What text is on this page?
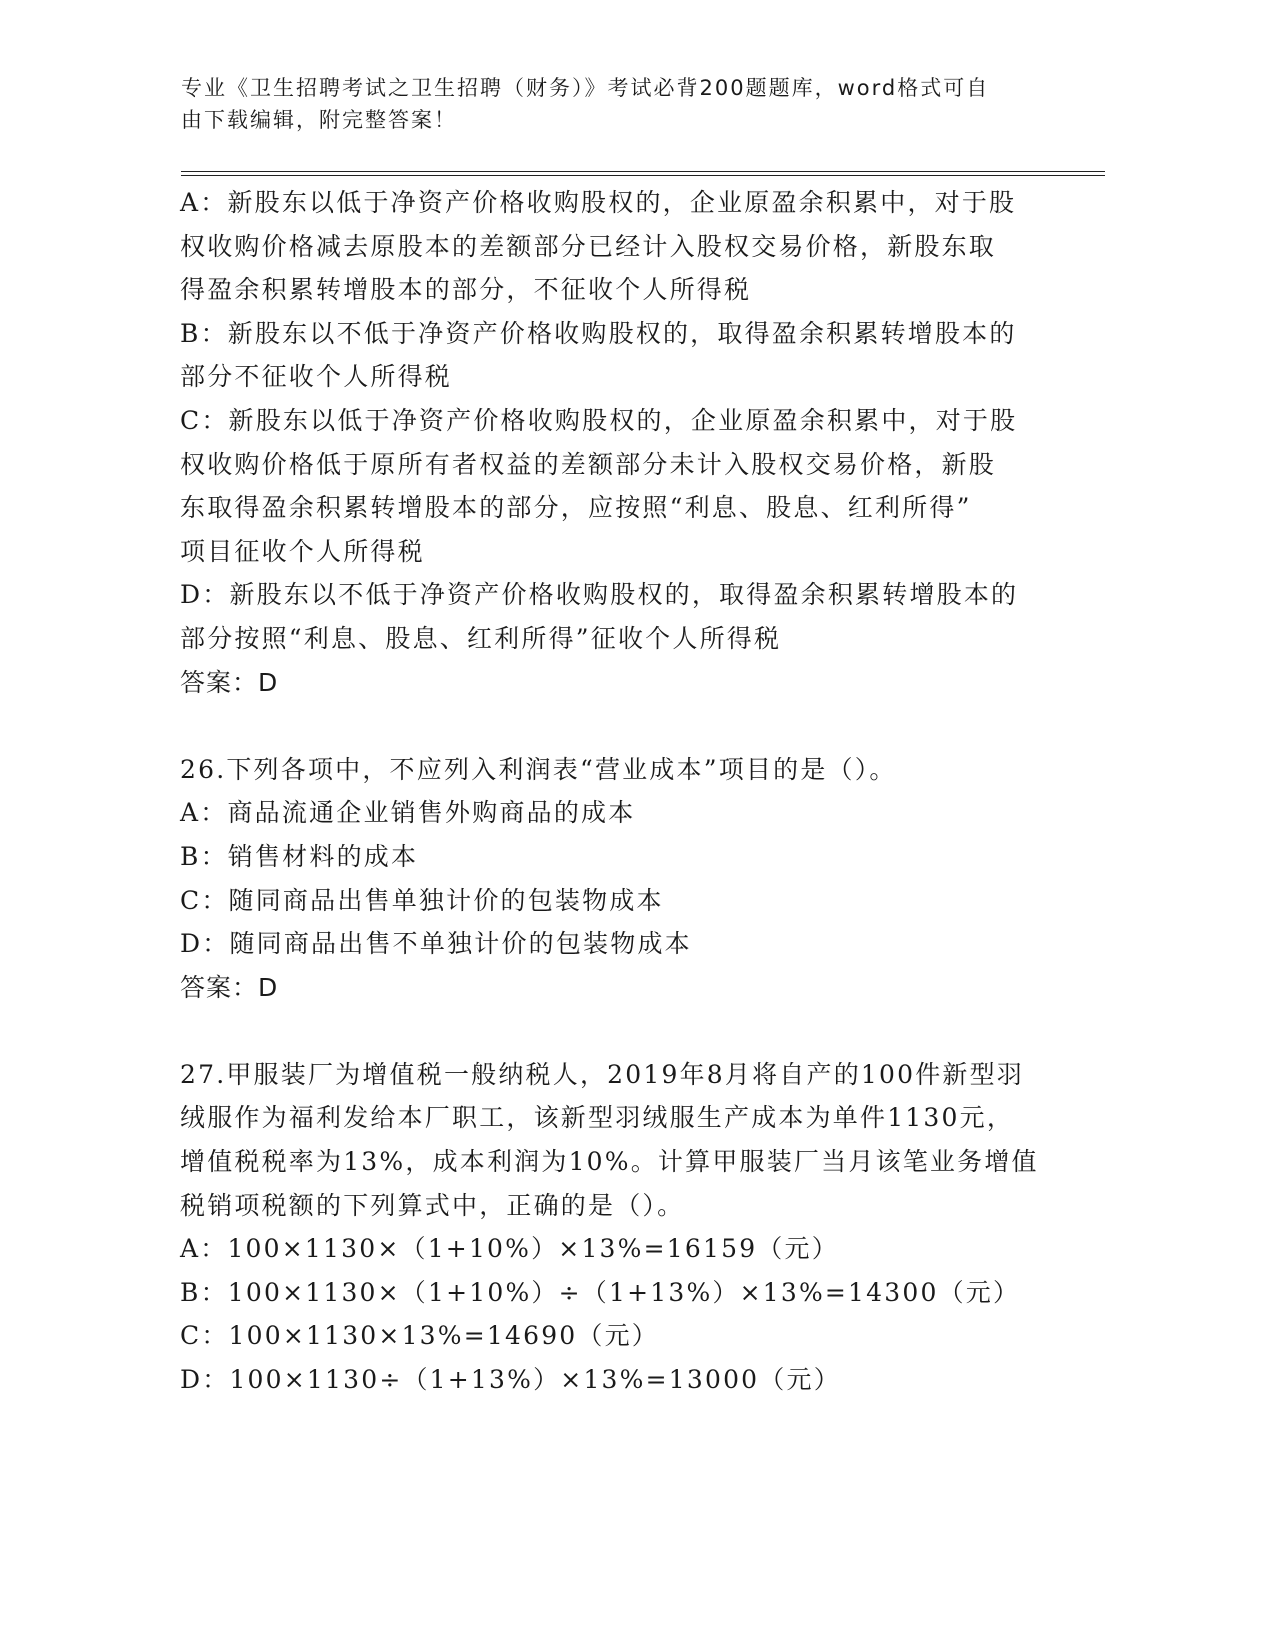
专业《卫生招聘考试之卫生招聘（财务）》考试必背200题题库，word格式可自
由下载编辑，附完整答案！
A：新股东以低于净资产价格收购股权的，企业原盈余积累中，对于股
权收购价格减去原股本的差额部分已经计入股权交易价格，新股东取
得盈余积累转增股本的部分，不征收个人所得税
B：新股东以不低于净资产价格收购股权的，取得盈余积累转增股本的
部分不征收个人所得税
C：新股东以低于净资产价格收购股权的，企业原盈余积累中，对于股
权收购价格低于原所有者权益的差额部分未计入股权交易价格，新股
东取得盈余积累转增股本的部分，应按照“利息、股息、红利所得”
项目征收个人所得税
D：新股东以不低于净资产价格收购股权的，取得盈余积累转增股本的
部分按照“利息、股息、红利所得”征收个人所得税
答案：D
26.下列各项中，不应列入利润表“营业成本”项目的是（）。
A：商品流通企业销售外购商品的成本
B：销售材料的成本
C：随同商品出售单独计价的包装物成本
D：随同商品出售不单独计价的包装物成本
答案：D
27.甲服装厂为增值税一般纳税人，2019年8月将自产的100件新型羽
绒服作为福利发给本厂职工，该新型羽绒服生产成本为单件1130元，
增值税税率为13%，成本利润为10%。计算甲服装厂当月该笔业务增值
税销项税额的下列算式中，正确的是（）。
A：100×1130×（1+10%）×13%=16159（元）
B：100×1130×（1+10%）÷（1+13%）×13%=14300（元）
C：100×1130×13%=14690（元）
D：100×1130÷（1+13%）×13%=13000（元）
